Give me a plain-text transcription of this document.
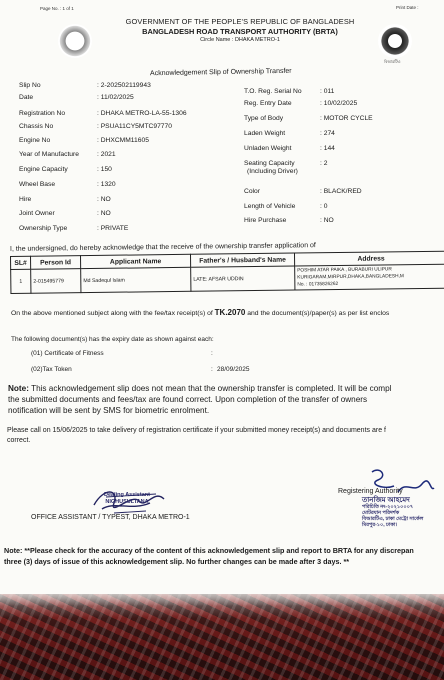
Page No. : 1 of 1	Print Date :
বিআরটিএ
GOVERNMENT OF THE PEOPLE'S REPUBLIC OF BANGLADESH
BANGLADESH ROAD TRANSPORT AUTHORITY (BRTA)
Circle Name : DHAKA METRO-1
Acknowledgement Slip of Ownership Transfer
Slip No	: 2-202502119943
Date	: 11/02/2025
Registration No	: DHAKA METRO-LA-55-1306
Chassis No	: PSUA11CY5MTC97770
Engine No	: DHXCMM11605
Year of Manufacture	: 2021
Engine Capacity	: 150
Wheel Base	: 1320
Hire	: NO
Joint Owner	: NO
Ownership Type	: PRIVATE
T.O. Reg. Serial No	: 011
Reg. Entry Date	: 10/02/2025
Type of Body	: MOTOR CYCLE
Laden Weight	: 274
Unladen Weight	: 144
Seating Capacity
(Including Driver): 2
Color	: BLACK/RED
Length of Vehicle	: 0
Hire Purchase	: NO
I, the undersigned, do hereby acknowledge that the receive of the ownership transfer application of
SL#	Person Id	Applicant Name	Father's / Husband's Name	Address
1	2-015495779	Md Sadequl Islam	LATE: AFSAR UDDIN	POSHIM ATAR PAIKA , BURABURI ULIPUR
KURIGARAM,MIRPUR,DHAKA,BANGLADESH,M
No. : 01735826262
On the above mentioned subject along with the fee/tax receipt(s) of TK.2070 and the document(s)/paper(s) as per list enclos
The following document(s) has the expiry date as shown against each:
(01) Certificate of Fitness	:
(02)Tax Token	: 28/09/2025
Note: This acknowledgement slip does not mean that the ownership transfer is completed. It will be compl
the submitted documents and fees/tax are found correct. Upon completion of the transfer of owners
notification will be sent by SMS for biometric enrolment.
Please call on 15/06/2025 to take delivery of registration certificate if your submitted money receipt(s) and documents are f
correct.
Dealing Assistant
NIGHUSULTANA
OFFICE ASSISTANT / TYPEST, DHAKA METRO-1
Registering Authority
তানজিম আহমেদ
পরিচিতি নং-২০২১০০০৭
মোটরযান পরিদর্শক
বিআরটিএ, ঢাকা মেট্রো সার্কেল
মিরপুর-১০, ঢাকা।
Note: **Please check for the accuracy of the content of this acknowledgement slip and report to BRTA for any discrepan
three (3) days of issue of this acknowledgement slip. No further changes can be made after 3 days. **
